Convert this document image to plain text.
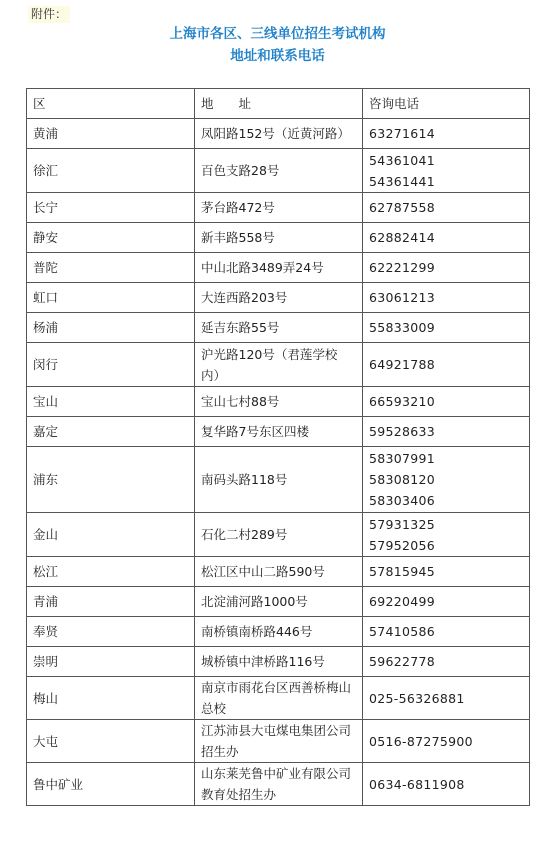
附件：
上海市各区、三线单位招生考试机构
地址和联系电话
区	地　　址	咨询电话
黄浦	凤阳路152号（近黄河路）	63271614

徐汇	百色支路28号	54361041
54361441

长宁	茅台路472号	62787558

静安	新丰路558号	62882414

普陀	中山北路3489弄24号	62221299

虹口	大连西路203号	63061213

杨浦	延吉东路55号	55833009

闵行	沪光路120号（君莲学校内）	64921788

宝山	宝山七村88号	66593210

嘉定	复华路7号东区四楼	59528633

浦东	南码头路118号	58307991
58308120
58303406

金山	石化二村289号	57931325
57952056

松江	松江区中山二路590号	57815945

青浦	北淀浦河路1000号	69220499

奉贤	南桥镇南桥路446号	57410586

崇明	城桥镇中津桥路116号	59622778

梅山	南京市雨花台区西善桥梅山总校	025-56326881

大屯	江苏沛县大屯煤电集团公司招生办	0516-87275900

鲁中矿业	山东莱芜鲁中矿业有限公司教育处招生办	0634-6811908
